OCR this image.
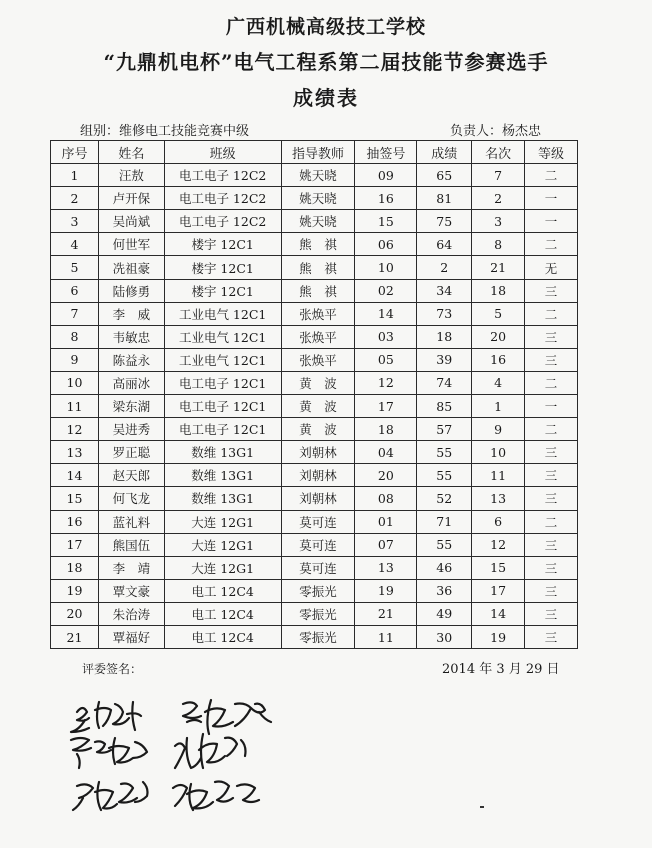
广西机械高级技工学校
“九鼎机电杯”电气工程系第二届技能节参赛选手
成绩表
组别：维修电工技能竞赛中级	负责人：杨杰忠
序号	姓名	班级	指导教师	抽签号	成绩	名次	等级
1	汪敖	电工电子 12C2	姚天晓	09	65	7	二
2	卢开保	电工电子 12C2	姚天晓	16	81	2	一
3	吴尚斌	电工电子 12C2	姚天晓	15	75	3	一
4	何世军	楼宇 12C1	熊　祺	06	64	8	二
5	冼祖豪	楼宇 12C1	熊　祺	10	2	21	无
6	陆修勇	楼宇 12C1	熊　祺	02	34	18	三
7	李　威	工业电气 12C1	张焕平	14	73	5	二
8	韦敏忠	工业电气 12C1	张焕平	03	18	20	三
9	陈益永	工业电气 12C1	张焕平	05	39	16	三
10	高丽冰	电工电子 12C1	黄　波	12	74	4	二
11	梁东湖	电工电子 12C1	黄　波	17	85	1	一
12	吴进秀	电工电子 12C1	黄　波	18	57	9	二
13	罗正聪	数维 13G1	刘朝林	04	55	10	三
14	赵天郎	数维 13G1	刘朝林	20	55	11	三
15	何飞龙	数维 13G1	刘朝林	08	52	13	三
16	蓝礼料	大连 12G1	莫可连	01	71	6	二
17	熊国伍	大连 12G1	莫可连	07	55	12	三
18	李　靖	大连 12G1	莫可连	13	46	15	三
19	覃文豪	电工 12C4	零振光	19	36	17	三
20	朱治涛	电工 12C4	零振光	21	49	14	三
21	覃福好	电工 12C4	零振光	11	30	19	三
评委签名：	2014 年 3 月 29 日
